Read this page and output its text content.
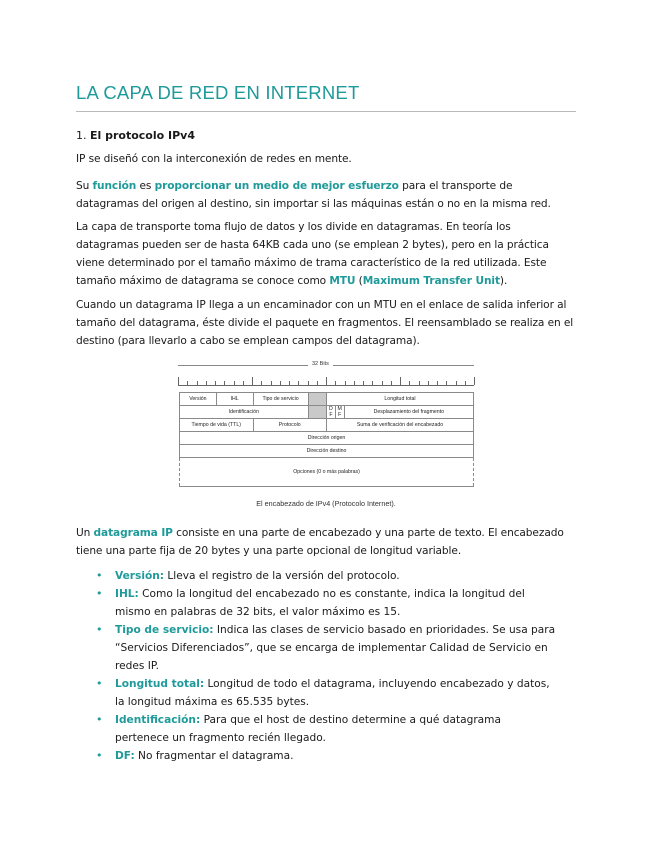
LA CAPA DE RED EN INTERNET
1. El protocolo IPv4

IP se diseñó con la interconexión de redes en mente.

Su función es proporcionar un medio de mejor esfuerzo para el transporte de datagramas del origen al destino, sin importar si las máquinas están o no en la misma red.

La capa de transporte toma flujo de datos y los divide en datagramas. En teoría los datagramas pueden ser de hasta 64KB cada uno (se emplean 2 bytes), pero en la práctica viene determinado por el tamaño máximo de trama característico de la red utilizada. Este tamaño máximo de datagrama se conoce como MTU (Maximum Transfer Unit).

Cuando un datagrama IP llega a un encaminador con un MTU en el enlace de salida inferior al tamaño del datagrama, éste divide el paquete en fragmentos. El reensamblado se realiza en el destino (para llevarlo a cabo se emplean campos del datagrama).

32 Bits
Versión	IHL	Tipo de servicio		Longitud total		
Identificación				D F	M F	Desplazamiento del fragmento
Tiempo de vida (TTL)		Protocolo		Suma de verificación del encabezado		
Dirección origen						
Dirección destino						
Opciones (0 o más palabras)						
El encabezado de IPv4 (Protocolo Internet).

Un datagrama IP consiste en una parte de encabezado y una parte de texto. El encabezado tiene una parte fija de 20 bytes y una parte opcional de longitud variable.

• Versión: Lleva el registro de la versión del protocolo.
• IHL: Como la longitud del encabezado no es constante, indica la longitud del mismo en palabras de 32 bits, el valor máximo es 15.
• Tipo de servicio: Indica las clases de servicio basado en prioridades. Se usa para “Servicios Diferenciados”, que se encarga de implementar Calidad de Servicio en redes IP.
• Longitud total: Longitud de todo el datagrama, incluyendo encabezado y datos, la longitud máxima es 65.535 bytes.
• Identificación: Para que el host de destino determine a qué datagrama pertenece un fragmento recién llegado.
• DF: No fragmentar el datagrama.
